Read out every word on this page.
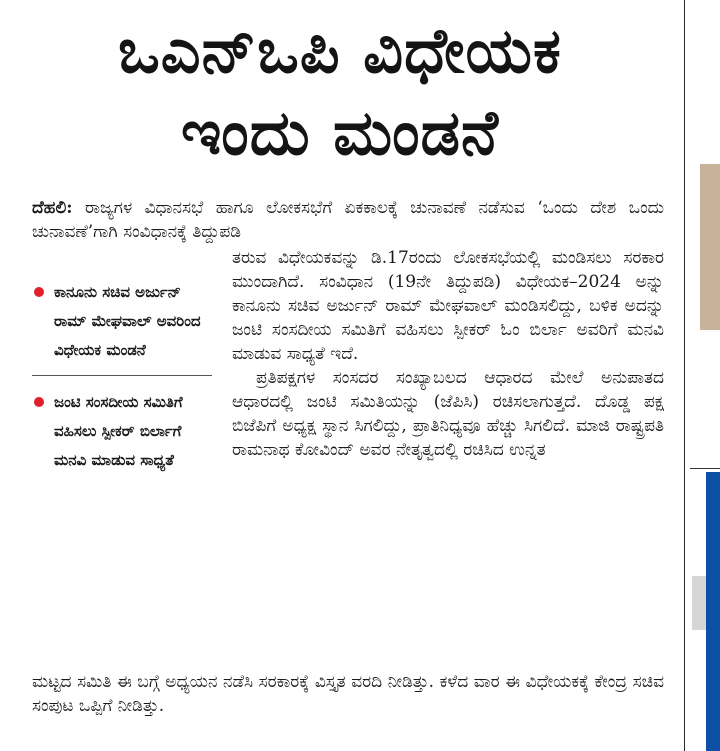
ಒಎನ್‌ಒಪಿ ವಿಧೇಯಕ
ಇಂದು ಮಂಡನೆ

ದೆಹಲಿ: ರಾಜ್ಯಗಳ ವಿಧಾನಸಭೆ ಹಾಗೂ ಲೋಕಸಭೆಗೆ ಏಕಕಾಲಕ್ಕೆ ಚುನಾವಣೆ ನಡೆಸುವ ‘ಒಂದು ದೇಶ ಒಂದು ಚುನಾವಣೆ’ಗಾಗಿ ಸಂವಿಧಾನಕ್ಕೆ ತಿದ್ದುಪಡಿ

ಕಾನೂನು ಸಚಿವ ಅರ್ಜುನ್ ರಾಮ್ ಮೇಘವಾಲ್ ಅವರಿಂದ ವಿಧೇಯಕ ಮಂಡನೆ
ಜಂಟಿ ಸಂಸದೀಯ ಸಮಿತಿಗೆ ವಹಿಸಲು ಸ್ಪೀಕರ್ ಬಿರ್ಲಾಗೆ ಮನವಿ ಮಾಡುವ ಸಾಧ್ಯತೆ

ತರುವ ವಿಧೇಯಕವನ್ನು ಡಿ.17ರಂದು ಲೋಕಸಭೆಯಲ್ಲಿ ಮಂಡಿಸಲು ಸರಕಾರ ಮುಂದಾಗಿದೆ. ಸಂವಿಧಾನ (19ನೇ ತಿದ್ದುಪಡಿ) ವಿಧೇಯಕ–2024 ಅನ್ನು ಕಾನೂನು ಸಚಿವ ಅರ್ಜುನ್ ರಾಮ್ ಮೇಘವಾಲ್ ಮಂಡಿಸಲಿದ್ದು, ಬಳಿಕ ಅದನ್ನು ಜಂಟಿ ಸಂಸದೀಯ ಸಮಿತಿಗೆ ವಹಿಸಲು ಸ್ಪೀಕರ್ ಓಂ ಬಿರ್ಲಾ ಅವರಿಗೆ ಮನವಿ ಮಾಡುವ ಸಾಧ್ಯತೆ ಇದೆ.

ಪ್ರತಿಪಕ್ಷಗಳ ಸಂಸದರ ಸಂಖ್ಯಾಬಲದ ಆಧಾರದ ಮೇಲೆ ಅನುಪಾತದ ಆಧಾರದಲ್ಲಿ ಜಂಟಿ ಸಮಿತಿಯನ್ನು (ಜೆಪಿಸಿ) ರಚಿಸಲಾಗುತ್ತದೆ. ದೊಡ್ಡ ಪಕ್ಷ ಬಿಜೆಪಿಗೆ ಅಧ್ಯಕ್ಷ ಸ್ಥಾನ ಸಿಗಲಿದ್ದು, ಪ್ರಾತಿನಿಧ್ಯವೂ ಹೆಚ್ಚು ಸಿಗಲಿದೆ. ಮಾಜಿ ರಾಷ್ಟ್ರಪತಿ ರಾಮನಾಥ ಕೋವಿಂದ್ ಅವರ ನೇತೃತ್ವದಲ್ಲಿ ರಚಿಸಿದ ಉನ್ನತ

ಮಟ್ಟದ ಸಮಿತಿ ಈ ಬಗ್ಗೆ ಅಧ್ಯಯನ ನಡೆಸಿ ಸರಕಾರಕ್ಕೆ ವಿಸ್ತೃತ ವರದಿ ನೀಡಿತ್ತು. ಕಳೆದ ವಾರ ಈ ವಿಧೇಯಕಕ್ಕೆ ಕೇಂದ್ರ ಸಚಿವ ಸಂಪುಟ ಒಪ್ಪಿಗೆ ನೀಡಿತ್ತು.
